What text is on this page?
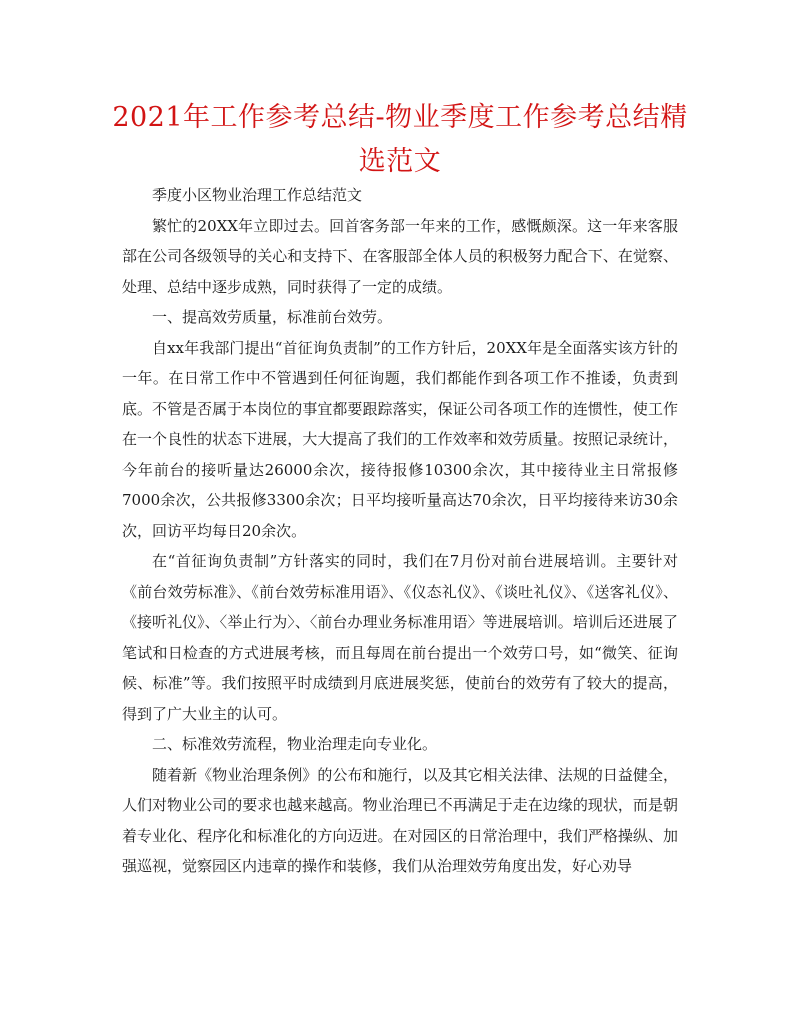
2021年工作参考总结-物业季度工作参考总结精选范文

季度小区物业治理工作总结范文

繁忙的20XX年立即过去。回首客务部一年来的工作，感慨颇深。这一年来客服部在公司各级领导的关心和支持下、在客服部全体人员的积极努力配合下、在觉察、处理、总结中逐步成熟，同时获得了一定的成绩。

一、提高效劳质量，标准前台效劳。

自xx年我部门提出“首征询负责制”的工作方针后，20XX年是全面落实该方针的一年。在日常工作中不管遇到任何征询题，我们都能作到各项工作不推诿，负责到底。不管是否属于本岗位的事宜都要跟踪落实，保证公司各项工作的连惯性，使工作在一个良性的状态下进展，大大提高了我们的工作效率和效劳质量。按照记录统计，今年前台的接听量达26000余次，接待报修10300余次，其中接待业主日常报修7000余次，公共报修3300余次；日平均接听量高达70余次，日平均接待来访30余次，回访平均每日20余次。

在“首征询负责制”方针落实的同时，我们在7月份对前台进展培训。主要针对《前台效劳标准》、《前台效劳标准用语》、《仪态礼仪》、《谈吐礼仪》、《送客礼仪》、《接听礼仪》、〈举止行为〉、〈前台办理业务标准用语〉等进展培训。培训后还进展了笔试和日检查的方式进展考核，而且每周在前台提出一个效劳口号，如“微笑、征询候、标准”等。我们按照平时成绩到月底进展奖惩，使前台的效劳有了较大的提高，得到了广大业主的认可。

二、标准效劳流程，物业治理走向专业化。

随着新《物业治理条例》的公布和施行，以及其它相关法律、法规的日益健全，人们对物业公司的要求也越来越高。物业治理已不再满足于走在边缘的现状，而是朝着专业化、程序化和标准化的方向迈进。在对园区的日常治理中，我们严格操纵、加强巡视，觉察园区内违章的操作和装修，我们从治理效劳角度出发，好心劝导
